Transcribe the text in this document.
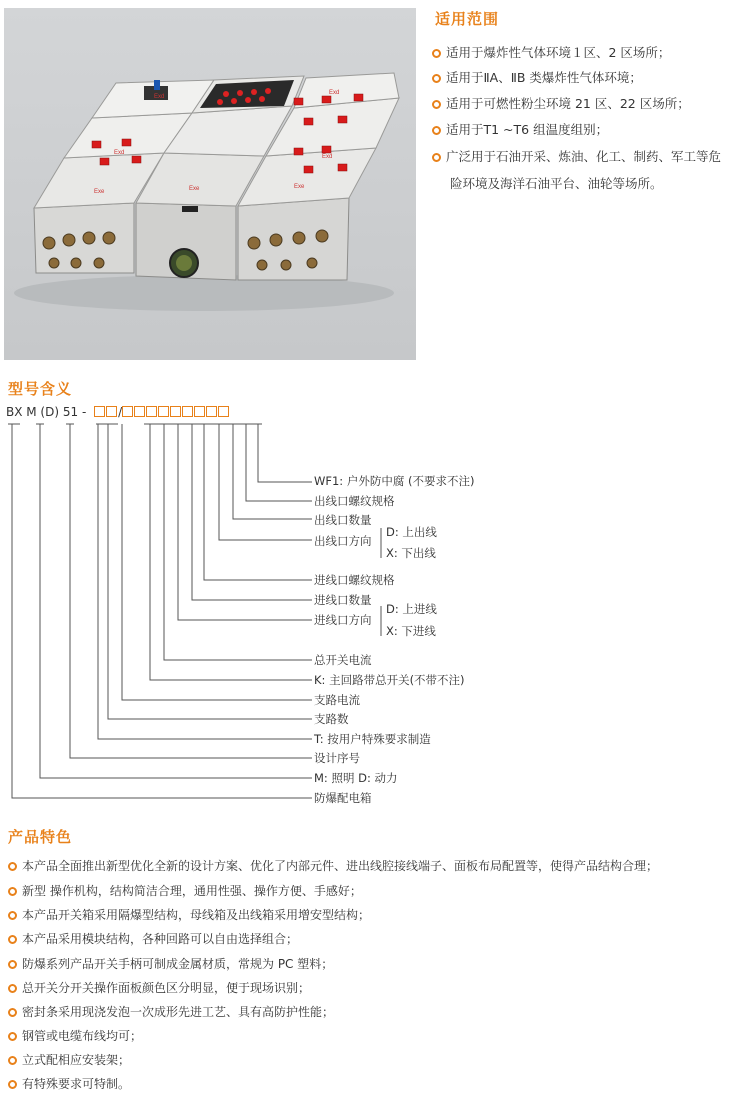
Exd
Exd
Exd
Exd
Exe	Exe	Exe
适用范围
适用于爆炸性气体环境１区、2 区场所；
适用于ⅡA、ⅡB 类爆炸性气体环境；
适用于可燃性粉尘环境 21 区、22 区场所；
适用于T1 ~T6 组温度组别；
广泛用于石油开采、炼油、化工、制药、军工等危
险环境及海洋石油平台、油轮等场所。
型号含义
BX M (D) 51 -	/
WF1: 户外防中腐 (不要求不注)
出线口螺纹规格
出线口数量
出线口方向
D: 上出线
X: 下出线
进线口螺纹规格
进线口数量
进线口方向
D: 上进线
X: 下进线
总开关电流
K: 主回路带总开关(不带不注)
支路电流
支路数
T: 按用户特殊要求制造
设计序号
M: 照明 D: 动力
防爆配电箱
产品特色
本产品全面推出新型优化全新的设计方案、优化了内部元件、进出线腔接线端子、面板布局配置等，使得产品结构合理；
新型 操作机构，结构简洁合理，通用性强、操作方便、手感好；
本产品开关箱采用隔爆型结构，母线箱及出线箱采用增安型结构；
本产品采用模块结构，各种回路可以自由选择组合；
防爆系列产品开关手柄可制成金属材质，常规为 PC 塑料；
总开关分开关操作面板颜色区分明显，便于现场识别；
密封条采用现浇发泡一次成形先进工艺、具有高防护性能；
钢管或电缆布线均可；
立式配相应安装架；
有特殊要求可特制。
